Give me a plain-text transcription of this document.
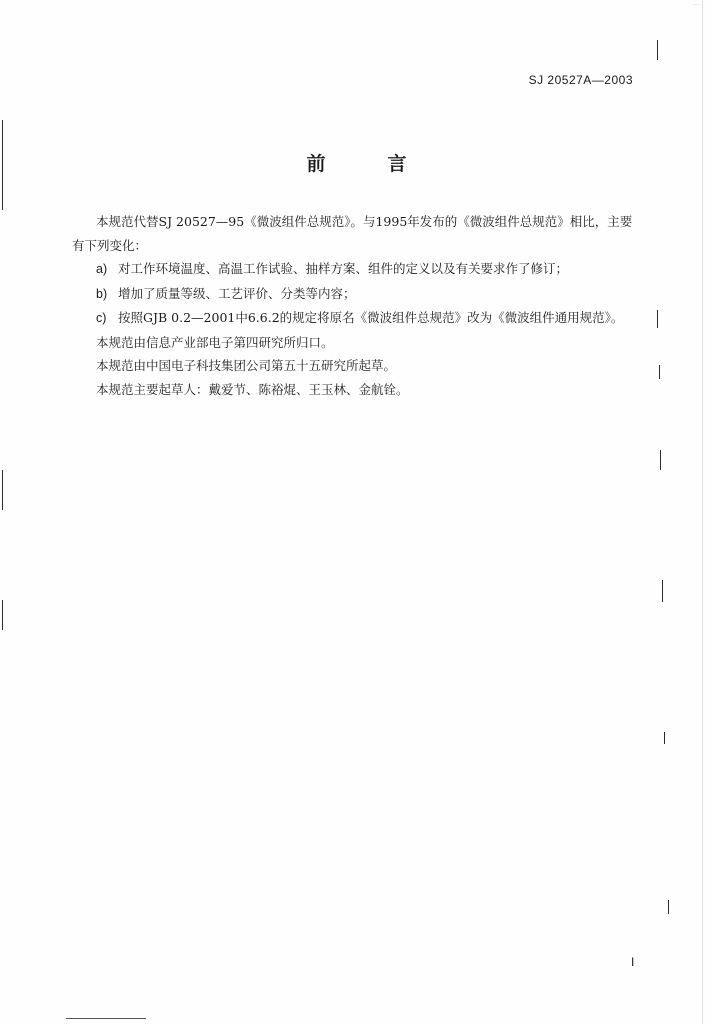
·····
SJ 20527A—2003
前	言

本规范代替SJ 20527—95《微波组件总规范》。与1995年发布的《微波组件总规范》相比，主要有下列变化：

a) 对工作环境温度、高温工作试验、抽样方案、组件的定义以及有关要求作了修订；

b) 增加了质量等级、工艺评价、分类等内容；

c) 按照GJB 0.2—2001中6.6.2的规定将原名《微波组件总规范》改为《微波组件通用规范》。

本规范由信息产业部电子第四研究所归口。

本规范由中国电子科技集团公司第五十五研究所起草。

本规范主要起草人：戴爱节、陈裕焜、王玉林、金航铨。

I
